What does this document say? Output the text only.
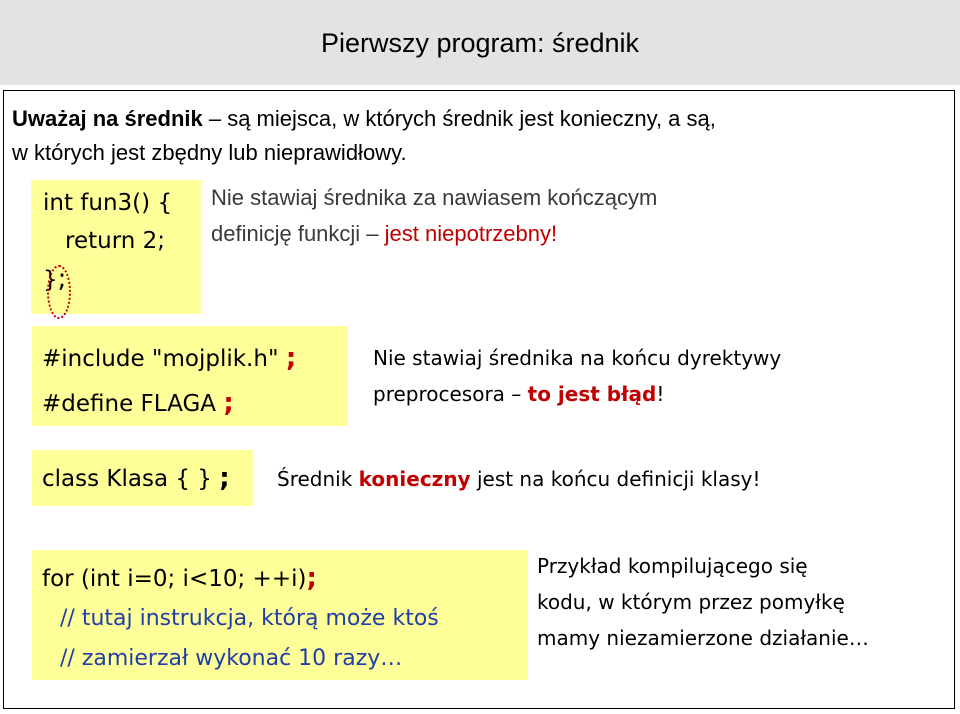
Pierwszy program: średnik
Uważaj na średnik – są miejsca, w których średnik jest konieczny, a są,
w których jest zbędny lub nieprawidłowy.
int fun3() {
return 2;
};
Nie stawiaj średnika za nawiasem kończącym
definicję funkcji – jest niepotrzebny!
#include "mojplik.h" ;
#define FLAGA ;
Nie stawiaj średnika na końcu dyrektywy
preprocesora – to jest błąd!
class Klasa { } ;	Średnik konieczny jest na końcu definicji klasy!
for (int i=0; i<10; ++i);
// tutaj instrukcja, którą może ktoś
// zamierzał wykonać 10 razy…
Przykład kompilującego się
kodu, w którym przez pomyłkę
mamy niezamierzone działanie…
